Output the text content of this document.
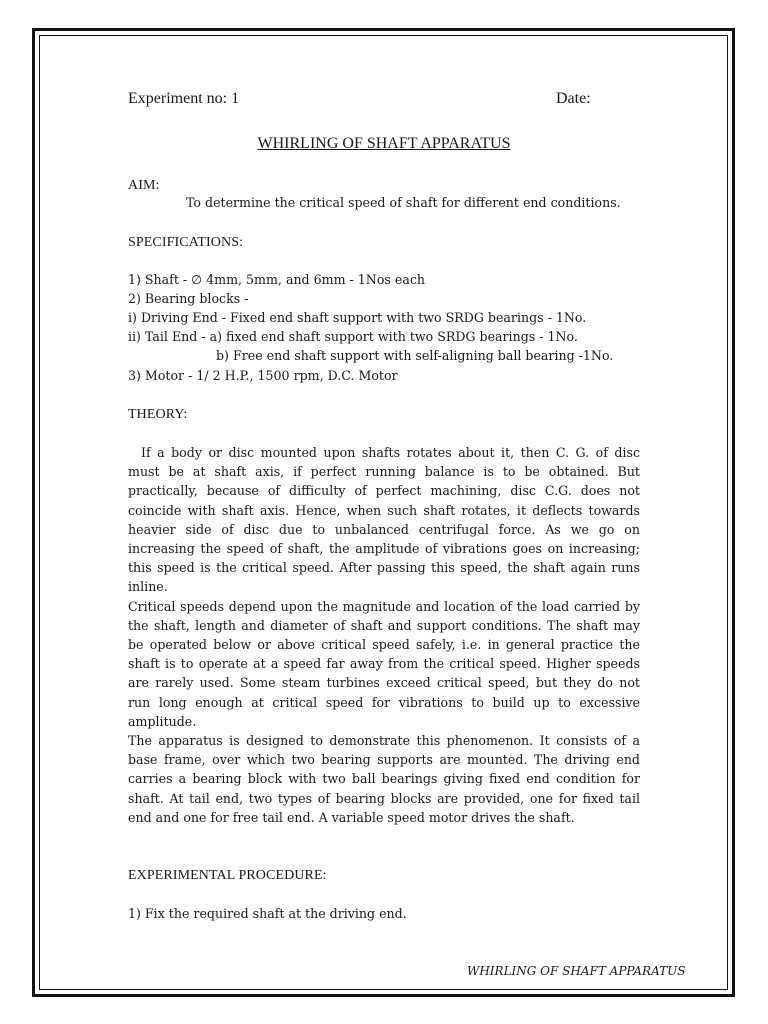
Experiment no: 1	Date:
WHIRLING OF SHAFT APPARATUS
AIM:
To determine the critical speed of shaft for different end conditions.
SPECIFICATIONS:
1) Shaft - ∅ 4mm, 5mm, and 6mm - 1Nos each
2) Bearing blocks -
i) Driving End - Fixed end shaft support with two SRDG bearings - 1No.
ii) Tail End - a) fixed end shaft support with two SRDG bearings - 1No.
b) Free end shaft support with self-aligning ball bearing -1No.
3) Motor - 1/ 2 H.P., 1500 rpm, D.C. Motor
THEORY:
If a body or disc mounted upon shafts rotates about it, then C. G. of disc
must be at shaft axis, if perfect running balance is to be obtained. But
practically, because of difficulty of perfect machining, disc C.G. does not
coincide with shaft axis. Hence, when such shaft rotates, it deflects towards
heavier side of disc due to unbalanced centrifugal force. As we go on
increasing the speed of shaft, the amplitude of vibrations goes on increasing;
this speed is the critical speed. After passing this speed, the shaft again runs
inline.
Critical speeds depend upon the magnitude and location of the load carried by
the shaft, length and diameter of shaft and support conditions. The shaft may
be operated below or above critical speed safely, i.e. in general practice the
shaft is to operate at a speed far away from the critical speed. Higher speeds
are rarely used. Some steam turbines exceed critical speed, but they do not
run long enough at critical speed for vibrations to build up to excessive
amplitude.
The apparatus is designed to demonstrate this phenomenon. It consists of a
base frame, over which two bearing supports are mounted. The driving end
carries a bearing block with two ball bearings giving fixed end condition for
shaft. At tail end, two types of bearing blocks are provided, one for fixed tail
end and one for free tail end. A variable speed motor drives the shaft.
EXPERIMENTAL PROCEDURE:
1) Fix the required shaft at the driving end.
WHIRLING OF SHAFT APPARATUS
